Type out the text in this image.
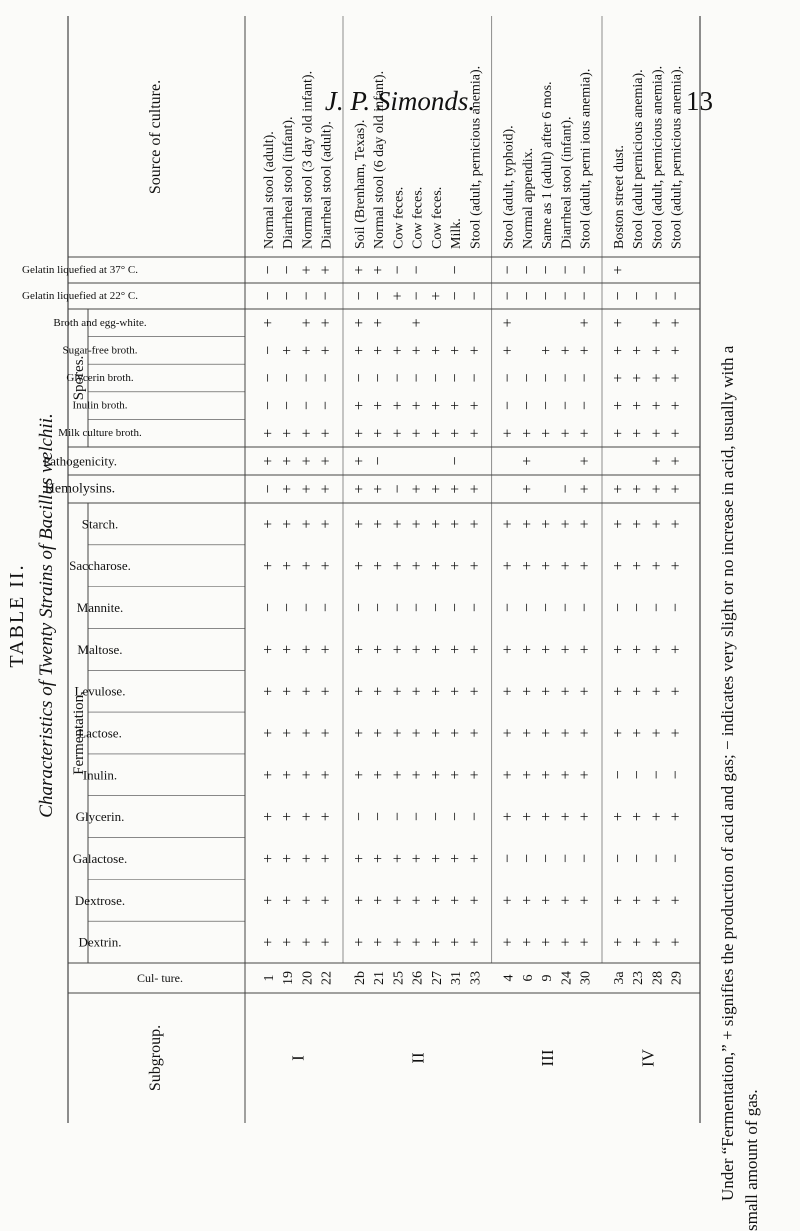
J. P. Simonds.	13
TABLE II. Characteristics of Twenty Strains of Bacillus welchii. Fermentation.
Spores.
Dextrin.
Dextrose.
Galactose.
Glycerin.
Inulin.
Lactose.
Levulose.
Maltose.
Mannite.
Saccharose.
Starch.
Milk culture broth.
Inulin broth.
Glycerin broth.
Sugar-free broth.
Broth and egg-white.
Hemolysins.
Pathogenicity.
Gelatin liquefied at 22° C.
Gelatin liquefied at 37° C.
Subgroup.
Cul- ture.
Source of culture.
1
+
+
+
+
+
+
+
+
−
+
+
−
+
+
−
−
−
+
−
−
Normal stool (adult).
19
+
+
+
+
+
+
+
+
−
+
+
+
+
+
−
−
+
−
−
Diarrheal stool (infant).
20
+
+
+
+
+
+
+
+
−
+
+
+
+
+
−
−
+
+
−
+
Normal stool (3 day old infant).
22
+
+
+
+
+
+
+
+
−
+
+
+
+
+
−
−
+
+
−
+
Diarrheal stool (adult).
I
2b
+
+
+
−
+
+
+
+
−
+
+
+
+
+
+
−
+
+
−
+
Soil (Brenham, Texas).
21
+
+
+
−
+
+
+
+
−
+
+
+
−
+
+
−
+
+
−
+
Normal stool (6 day old infant).
25
+
+
+
−
+
+
+
+
−
+
+
−
+
+
−
+
+
−
Cow feces.
26
+
+
+
−
+
+
+
+
−
+
+
+
+
+
−
+
+
−
−
Cow feces.
27
+
+
+
−
+
+
+
+
−
+
+
+
+
+
−
+
+
Cow feces.
31
+
+
+
−
+
+
+
+
−
+
+
+
−
+
+
−
+
−
−
Milk.
33
+
+
+
−
+
+
+
+
−
+
+
+
+
+
−
+
−
Stool (adult, pernicious anemia).
II
4
+
+
−
+
+
+
+
+
−
+
+
+
−
−
+
+
−
−
Stool (adult, typhoid).
6
+
+
−
+
+
+
+
+
−
+
+
+
+
+
−
−
−
−
Normal appendix.
9
+
+
−
+
+
+
+
+
−
+
+
+
−
−
+
−
−
Same as 1 (adult) after 6 mos.
24
+
+
−
+
+
+
+
+
−
+
+
−
+
−
−
+
−
−
Diarrheal stool (infant).
30
+
+
−
+
+
+
+
+
−
+
+
+
+
+
−
−
+
+
−
−
Stool (adult, perni ious anemia).
III
3a
+
+
−
+
−
+
+
+
−
+
+
+
+
+
+
+
+
−
+
Boston street dust.
23
+
+
−
+
−
+
+
+
−
+
+
+
+
+
+
+
−
Stool (adult pernicious anemia).
28
+
+
−
+
−
+
+
+
−
+
+
+
+
+
+
+
+
+
−
Stool (adult, pernicious anemia).
29
+
+
−
+
−
+
+
+
−
+
+
+
+
+
+
+
+
+
−
Stool (adult, pernicious anemia).
IV	Under “Fermentation,” + signifies the production of acid and gas; − indicates very slight or no increase in acid, usually with a small amount of gas.
